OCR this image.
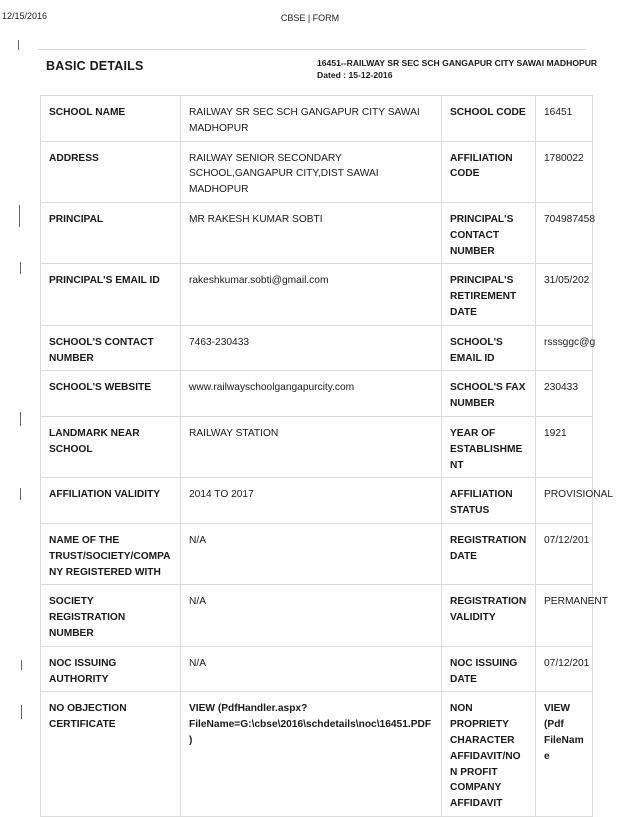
12/15/2016	CBSE | FORM
BASIC DETAILS	16451--RAILWAY SR SEC SCH GANGAPUR CITY SAWAI MADHOPUR
Dated : 15-12-2016
SCHOOL NAME	RAILWAY SR SEC SCH GANGAPUR CITY SAWAI MADHOPUR	SCHOOL CODE	16451
ADDRESS	RAILWAY SENIOR SECONDARY SCHOOL,GANGAPUR CITY,DIST SAWAI MADHOPUR	AFFILIATION CODE	1780022
PRINCIPAL	MR RAKESH KUMAR SOBTI	PRINCIPAL'S CONTACT NUMBER	704987458
PRINCIPAL'S EMAIL ID	rakeshkumar.sobti@gmail.com	PRINCIPAL'S RETIREMENT DATE	31/05/202
SCHOOL'S CONTACT NUMBER	7463-230433	SCHOOL'S EMAIL ID	rsssggc@g
SCHOOL'S WEBSITE	www.railwayschoolgangapurcity.com	SCHOOL'S FAX NUMBER	230433
LANDMARK NEAR SCHOOL	RAILWAY STATION	YEAR OF ESTABLISHMENT	1921
AFFILIATION VALIDITY	2014 TO 2017	AFFILIATION STATUS	PROVISIONAL
NAME OF THE TRUST/SOCIETY/COMPANY REGISTERED WITH	N/A	REGISTRATION DATE	07/12/201
SOCIETY REGISTRATION NUMBER	N/A	REGISTRATION VALIDITY	PERMANENT
NOC ISSUING AUTHORITY	N/A	NOC ISSUING DATE	07/12/201
NO OBJECTION CERTIFICATE	VIEW (PdfHandler.aspx? FileName=G:\cbse\2016\schdetails\noc\16451.PDF)	NON PROPRIETY CHARACTER AFFIDAVIT/NON PROFIT COMPANY AFFIDAVIT	VIEW (Pdf FileName
